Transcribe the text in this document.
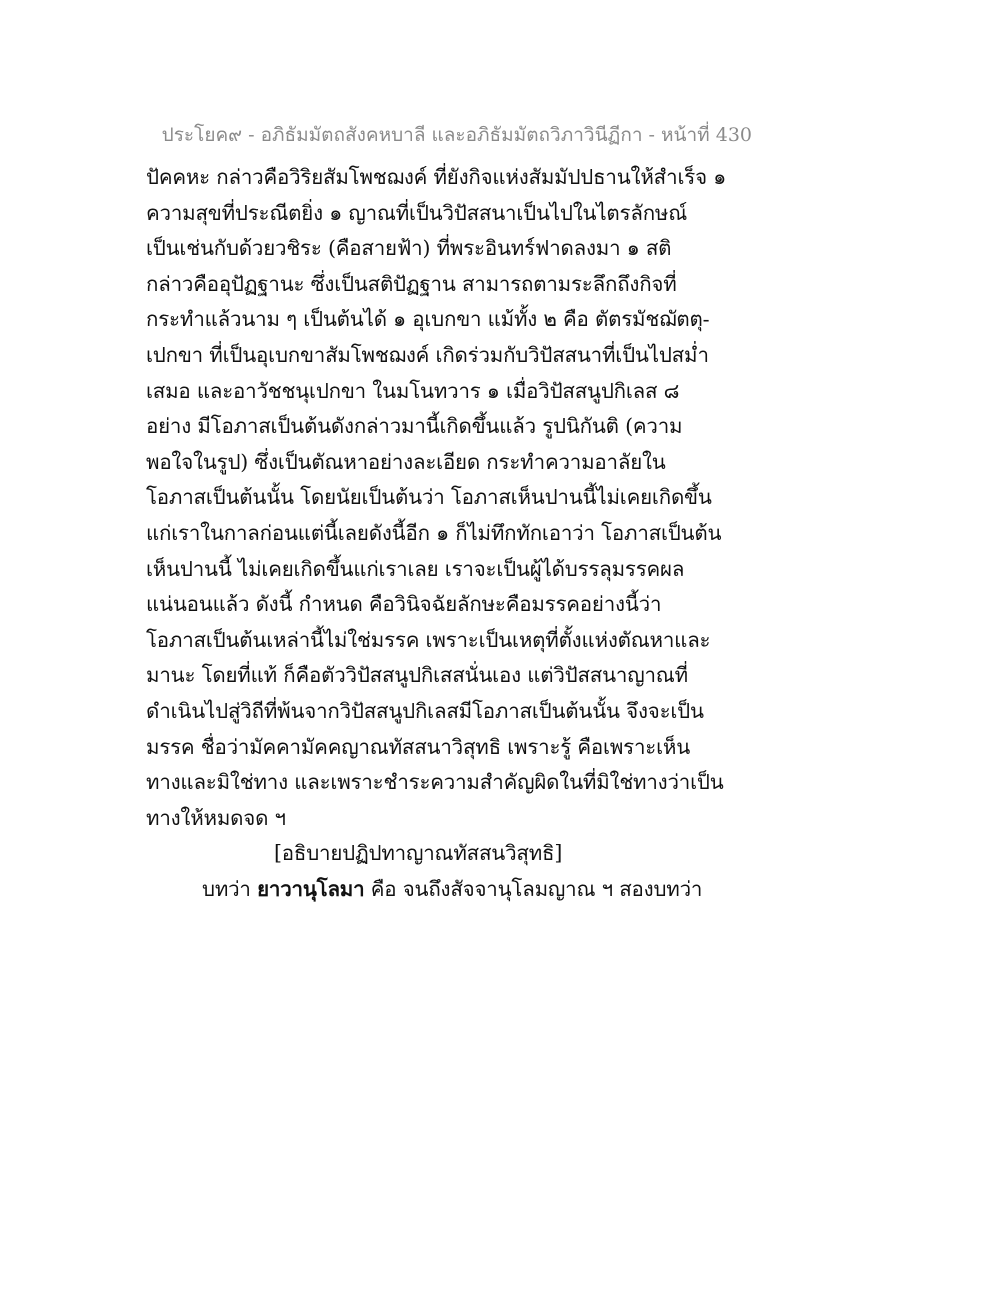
ประโยค๙ - อภิธัมมัตถสังคหบาลี และอภิธัมมัตถวิภาวินีฏีกา - หน้าที่ 430
ปัคคหะ กล่าวคือวิริยสัมโพชฌงค์ ที่ยังกิจแห่งสัมมัปปธานให้สำเร็จ ๑
ความสุขที่ประณีตยิ่ง ๑ ญาณที่เป็นวิปัสสนาเป็นไปในไตรลักษณ์
เป็นเช่นกับด้วยวชิระ (คือสายฟ้า) ที่พระอินทร์ฟาดลงมา ๑ สติ
กล่าวคืออุปัฏฐานะ ซึ่งเป็นสติปัฏฐาน สามารถตามระลึกถึงกิจที่
กระทำแล้วนาม ๆ เป็นต้นได้ ๑ อุเบกขา แม้ทั้ง ๒ คือ ตัตรมัชฌัตตุ-
เปกขา ที่เป็นอุเบกขาสัมโพชฌงค์ เกิดร่วมกับวิปัสสนาที่เป็นไปสม่ำ
เสมอ และอาวัชชนุเปกขา ในมโนทวาร ๑ เมื่อวิปัสสนูปกิเลส ๘
อย่าง มีโอภาสเป็นต้นดังกล่าวมานี้เกิดขึ้นแล้ว รูปนิกันติ (ความ
พอใจในรูป) ซึ่งเป็นตัณหาอย่างละเอียด กระทำความอาลัยใน
โอภาสเป็นต้นนั้น โดยนัยเป็นต้นว่า โอภาสเห็นปานนี้ไม่เคยเกิดขึ้น
แก่เราในกาลก่อนแต่นี้เลยดังนี้อีก ๑ ก็ไม่ทึกทักเอาว่า โอภาสเป็นต้น
เห็นปานนี้ ไม่เคยเกิดขึ้นแก่เราเลย เราจะเป็นผู้ได้บรรลุมรรคผล
แน่นอนแล้ว ดังนี้ กำหนด คือวินิจฉัยลักษะคือมรรคอย่างนี้ว่า
โอภาสเป็นต้นเหล่านี้ไม่ใช่มรรค เพราะเป็นเหตุที่ตั้งแห่งตัณหาและ
มานะ โดยที่แท้ ก็คือตัววิปัสสนูปกิเสสนั่นเอง แต่วิปัสสนาญาณที่
ดำเนินไปสู่วิถีที่พ้นจากวิปัสสนูปกิเลสมีโอภาสเป็นต้นนั้น จึงจะเป็น
มรรค ชื่อว่ามัคคามัคคญาณทัสสนาวิสุทธิ เพราะรู้ คือเพราะเห็น
ทางและมิใช่ทาง และเพราะชำระความสำคัญผิดในที่มิใช่ทางว่าเป็น
ทางให้หมดจด ฯ
[อธิบายปฏิปทาญาณทัสสนวิสุทธิ]
บทว่า ยาวานุโลมา คือ จนถึงสัจจานุโลมญาณ ฯ สองบทว่า
